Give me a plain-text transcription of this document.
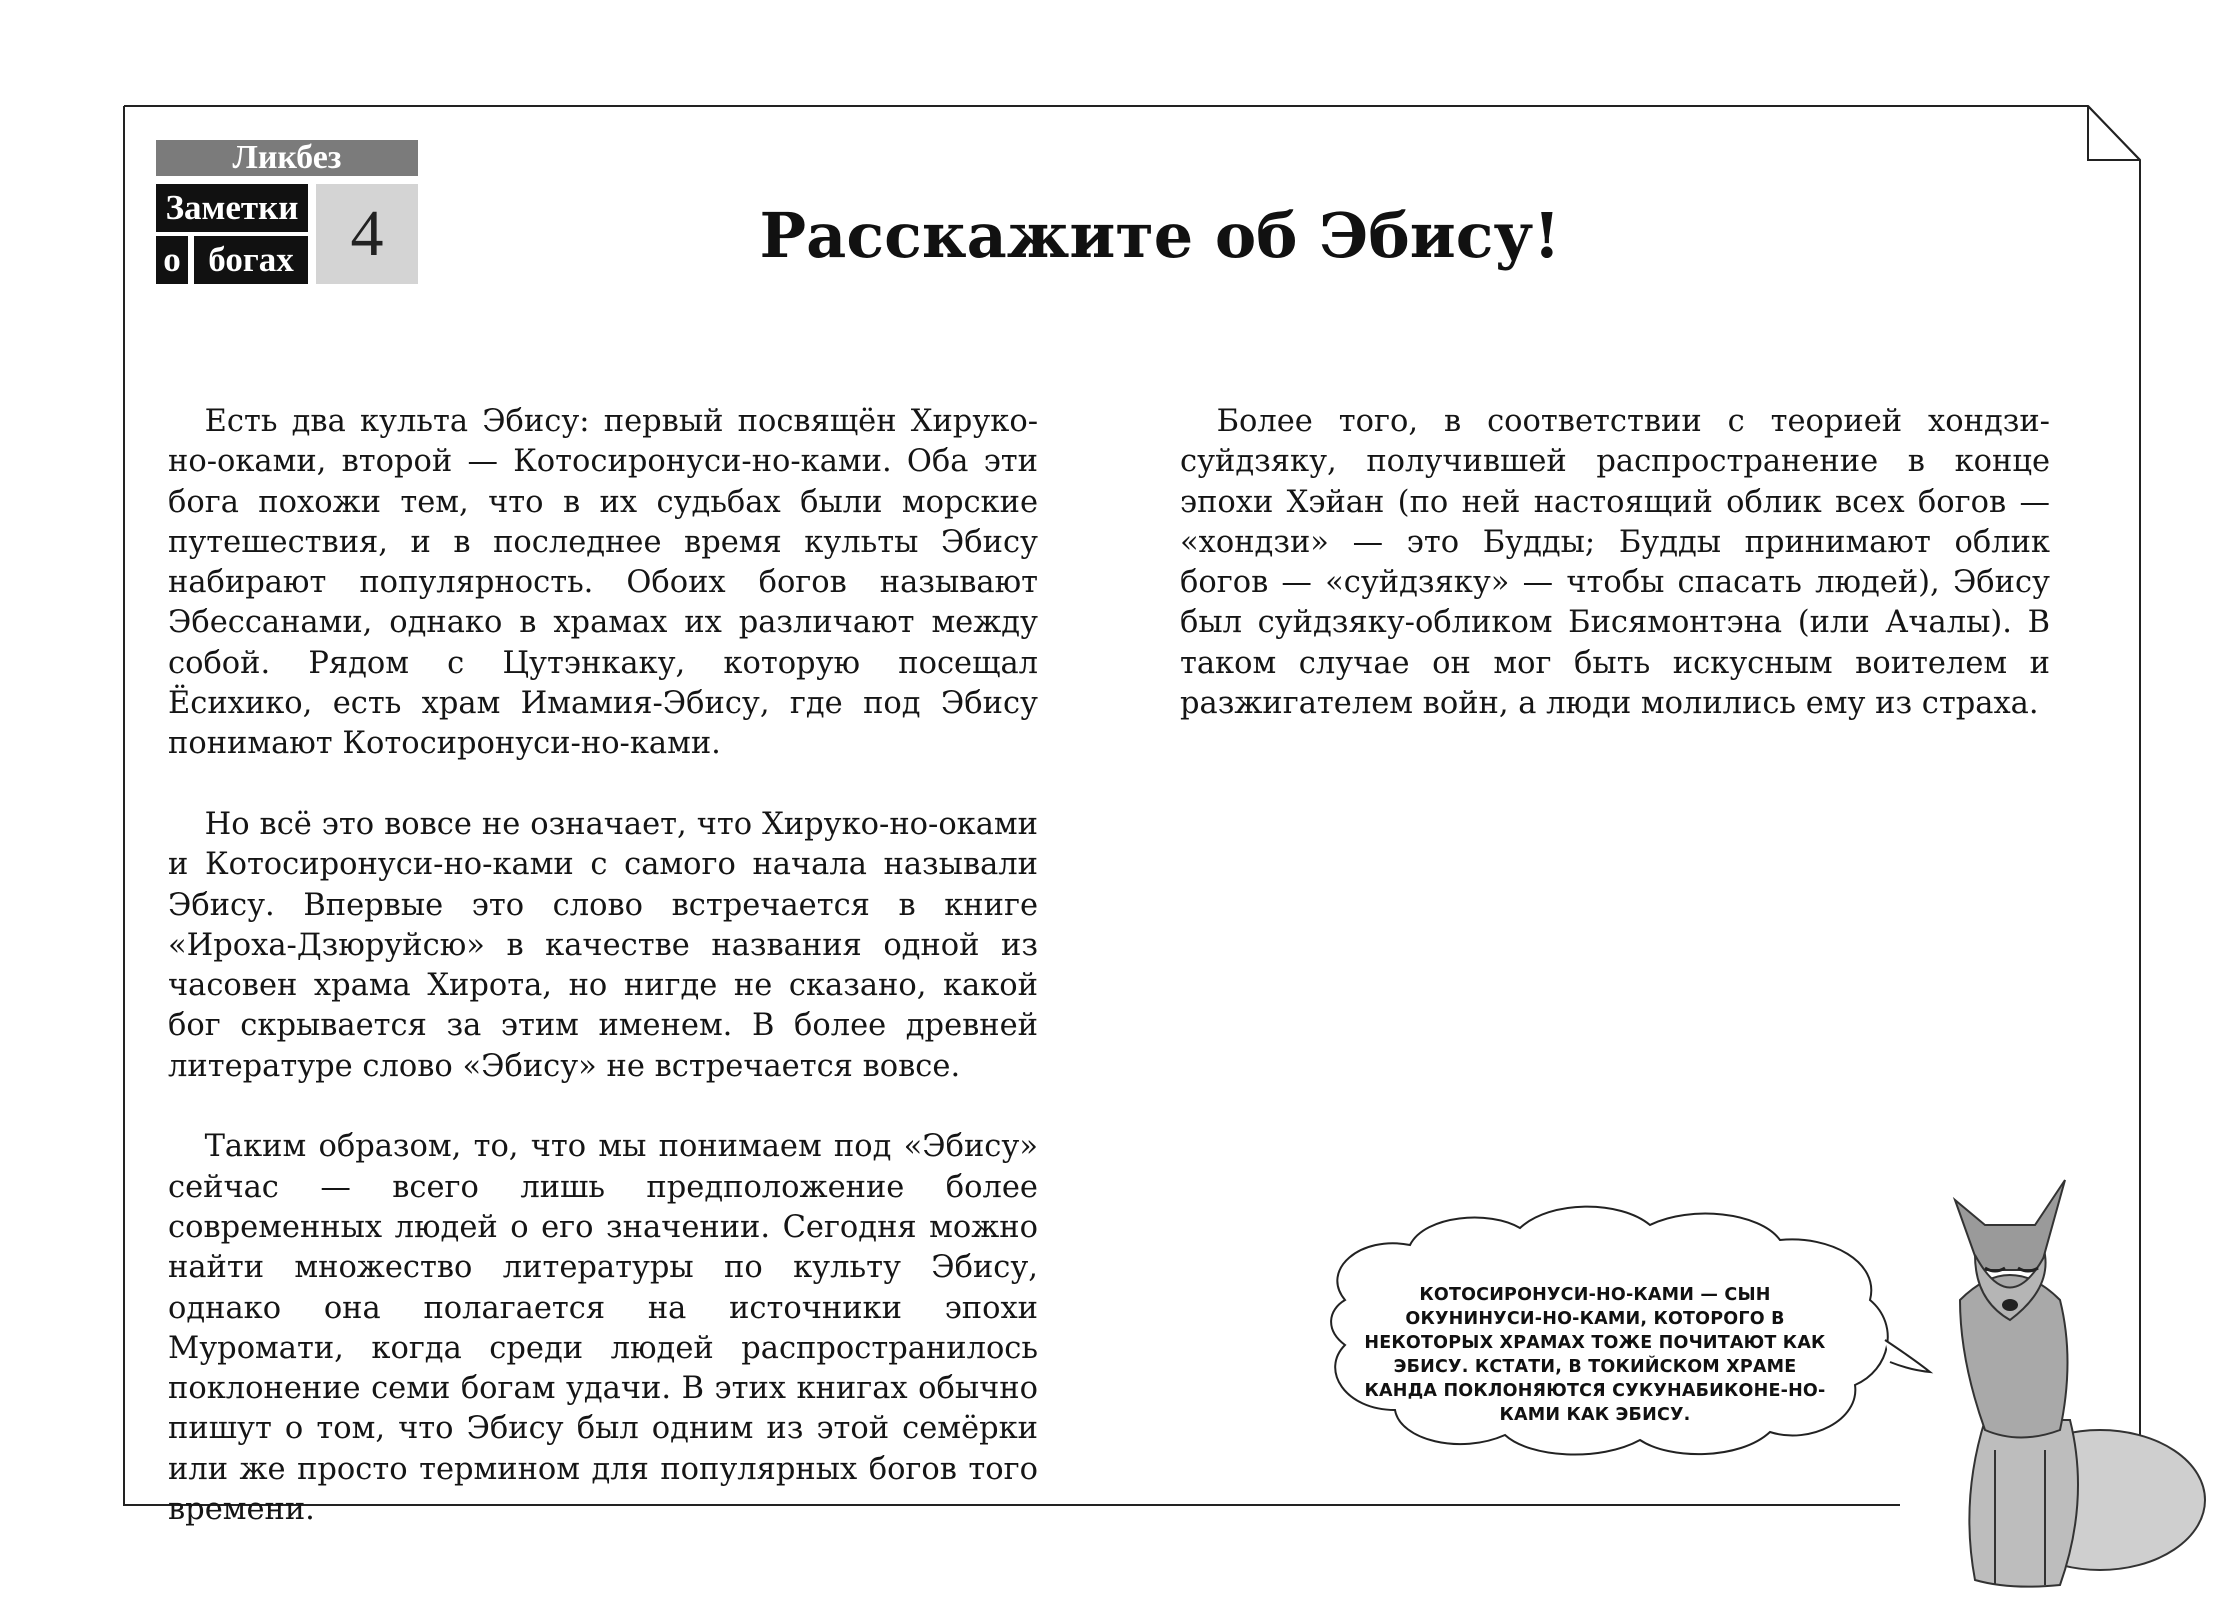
Ликбез
Заметки
о богах 4	Расскажите об Эбису!

Есть два культа Эбису: первый посвящён Хируко-но-оками, второй — Котосиронуси-но-ками. Оба эти бога похожи тем, что в их судьбах были морские путешествия, и в последнее время культы Эбису набирают популярность. Обоих богов называют Эбессанами, однако в храмах их различают между собой. Рядом с Цутэнкаку, которую посещал Ёсихико, есть храм Имамия-Эбису, где под Эбису понимают Котосиронуси-но-ками.

Но всё это вовсе не означает, что Хируко-но-оками и Котосиронуси-но-ками с самого начала называли Эбису. Впервые это слово встречается в книге «Ироха-Дзюруйсю» в качестве названия одной из часовен храма Хирота, но нигде не сказано, какой бог скрывается за этим именем. В более древней литературе слово «Эбису» не встречается вовсе.

Таким образом, то, что мы понимаем под «Эбису» сейчас — всего лишь предположение более современных людей о его значении. Сегодня можно найти множество литературы по культу Эбису, однако она полагается на источники эпохи Муромати, когда среди людей распространилось поклонение семи богам удачи. В этих книгах обычно пишут о том, что Эбису был одним из этой семёрки или же просто термином для популярных богов того времени.

Более того, в соответствии с теорией хондзи-суйдзяку, получившей распространение в конце эпохи Хэйан (по ней настоящий облик всех богов — «хондзи» — это Будды; Будды принимают облик богов — «суйдзяку» — чтобы спасать людей), Эбису был суйдзяку-обликом Бисямонтэна (или Ачалы). В таком случае он мог быть искусным воителем и разжигателем войн, а люди молились ему из страха.

КОТОСИРОНУСИ-НО-КАМИ — СЫН ОКУНИНУСИ-НО-КАМИ, КОТОРОГО В НЕКОТОРЫХ ХРАМАХ ТОЖЕ ПОЧИТАЮТ КАК ЭБИСУ. КСТАТИ, В ТОКИЙСКОМ ХРАМЕ КАНДА ПОКЛОНЯЮТСЯ СУКУНАБИКОНЕ-НО-КАМИ КАК ЭБИСУ.
